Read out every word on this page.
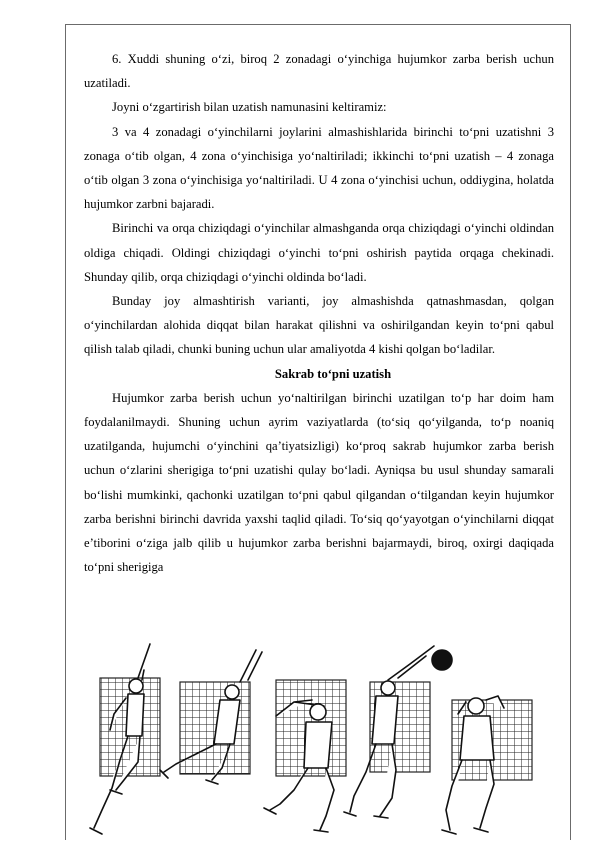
6. Xuddi shuning o‘zi, biroq 2 zonadagi o‘yinchiga hujumkor zarba berish uchun uzatiladi.

Joyni o‘zgartirish bilan uzatish namunasini keltiramiz:

3 va 4 zonadagi o‘yinchilarni joylarini almashishlarida birinchi to‘pni uzatishni 3 zonaga o‘tib olgan, 4 zona o‘yinchisiga yo‘naltiriladi; ikkinchi to‘pni uzatish – 4 zonaga o‘tib olgan 3 zona o‘yinchisiga yo‘naltiriladi. U 4 zona o‘yinchisi uchun, oddiygina, holatda hujumkor zarbni bajaradi.

Birinchi va orqa chiziqdagi o‘yinchilar almashganda orqa chiziqdagi o‘yinchi oldindan oldiga chiqadi. Oldingi chiziqdagi o‘yinchi to‘pni oshirish paytida orqaga chekinadi. Shunday qilib, orqa chiziqdagi o‘yinchi oldinda bo‘ladi.

Bunday joy almashtirish varianti, joy almashishda qatnashmasdan, qolgan o‘yinchilardan alohida diqqat bilan harakat qilishni va oshirilgandan keyin to‘pni qabul qilish talab qiladi, chunki buning uchun ular amaliyotda 4 kishi qolgan bo‘ladilar.

Sakrab to‘pni uzatish

Hujumkor zarba berish uchun yo‘naltirilgan birinchi uzatilgan to‘p har doim ham foydalanilmaydi. Shuning uchun ayrim vaziyatlarda (to‘siq qo‘yilganda, to‘p noaniq uzatilganda, hujumchi o‘yinchini qa’tiyatsizligi) ko‘proq sakrab hujumkor zarba berish uchun o‘zlarini sherigiga to‘pni uzatishi qulay bo‘ladi. Ayniqsa bu usul shunday samarali bo‘lishi mumkinki, qachonki uzatilgan to‘pni qabul qilgandan o‘tilgandan keyin hujumkor zarba berishni birinchi davrida yaxshi taqlid qiladi. To‘siq qo‘yayotgan o‘yinchilarni diqqat e’tiborini o‘ziga jalb qilib u hujumkor zarba berishni bajarmaydi, biroq, oxirgi daqiqada to‘pni sherigiga
